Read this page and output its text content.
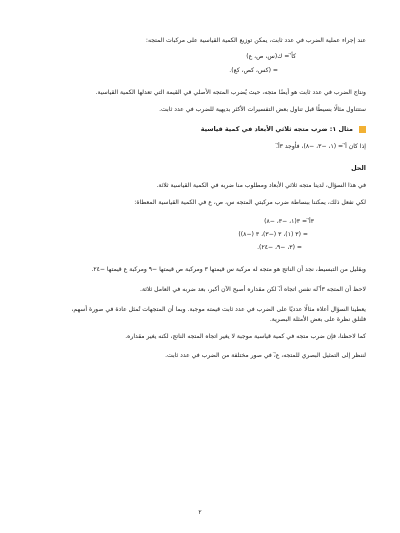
عند إجراء عملية الضرب في عدد ثابت، يمكن توزيع الكمية القياسية على مركبات المتجه:

كأ⃗ = ك(س، ص، ع)

= (كس، كص، كع).

ونتاج الضرب في عدد ثابت هو أيضًا متجه، حيث يُضرب المتجه الأصلي في القيمة التي تعدلها الكمية القياسية.

ستتناول مثالًا بسيطًا قبل تناول بعض التفسيرات الأكثر بديهية للضرب في عدد ثابت.

مثال ١: ضرب متجه ثلاثي الأبعاد في كمية قياسية

إذا كان أ⃗ = (١، −٣، −٨)، فأوجد ٣أ⃗.

الحل

في هذا السؤال، لدينا متجه ثلاثي الأبعاد ومطلوب منا ضربه في الكمية القياسية ثلاثة.

لكي نفعل ذلك، يمكننا ببساطة ضرب مركبتي المتجه س، ص، ع في الكمية القياسية المعطاة:

٣أ⃗ = ٣(١، −٣، −٨)

= (٣ (١)، ٣ (−٣)، ٣ (−٨))

= (٣، −٩، −٢٤).

وبقليل من التبسيط، نجد أن الناتج هو متجه له مركبة س قيمتها ٣ ومركبة ص قيمتها −٩ ومركبة ع قيمتها −٢٤.

لاحظ أن المتجه ٣أ⃗ له نفس اتجاه أ⃗، لكن مقداره أصبح الآن أكبر، بعد ضربه في العامل ثلاثة.

يعطينا السؤال أعلاه مثالًا عدديًا على الضرب في عدد ثابت قيمته موجبة. وبما أن المتجهات تُمثل عادة في صورة أسهم،

فلنلق نظرة على بعض الأمثلة البصرية.

كما لاحظنا، فإن ضرب متجه في كمية قياسية موجبة لا يغير اتجاه المتجه الناتج، لكنه يغير مقداره.

لننظر إلى التمثيل البصري للمتجه، ع⃗، في صور مختلفة من الضرب في عدد ثابت.

٢
